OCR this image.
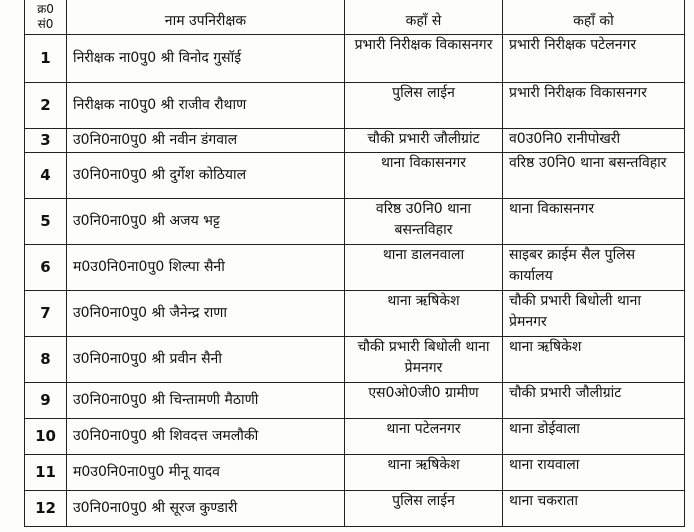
क्र0 सं0	नाम उपनिरीक्षक	कहाँ से	कहाँ को
1	निरीक्षक ना0पु0 श्री विनोद गुसॉई	प्रभारी निरीक्षक विकासनगर	प्रभारी निरीक्षक पटेलनगर
2	निरीक्षक ना0पु0 श्री राजीव रौथाण	पुलिस लाईन	प्रभारी निरीक्षक विकासनगर
3	उ0नि0ना0पु0 श्री नवीन डंगवाल	चौकी प्रभारी जौलीग्रांट	व0उ0नि0 रानीपोखरी
4	उ0नि0ना0पु0 श्री दुर्गेश कोठियाल	थाना विकासनगर	वरिष्ठ उ0नि0 थाना बसन्तविहार
5	उ0नि0ना0पु0 श्री अजय भट्ट	वरिष्ठ उ0नि0 थाना बसन्तविहार	थाना विकासनगर
6	म0उ0नि0ना0पु0 शिल्पा सैनी	थाना डालनवाला	साइबर क्राईम सैल पुलिस कार्यालय
7	उ0नि0ना0पु0 श्री जैनेन्द्र राणा	थाना ऋषिकेश	चौकी प्रभारी बिधोली थाना प्रेमनगर
8	उ0नि0ना0पु0 श्री प्रवीन सैनी	चौकी प्रभारी बिधोली थाना प्रेमनगर	थाना ऋषिकेश
9	उ0नि0ना0पु0 श्री चिन्तामणी मैठाणी	एस0ओ0जी0 ग्रामीण	चौकी प्रभारी जौलीग्रांट
10	उ0नि0ना0पु0 श्री शिवदत्त जमलौकी	थाना पटेलनगर	थाना डोईवाला
11	म0उ0नि0ना0पु0 मीनू यादव	थाना ऋषिकेश	थाना रायवाला
12	उ0नि0ना0पु0 श्री सूरज कुण्डारी	पुलिस लाईन	थाना चकराता
